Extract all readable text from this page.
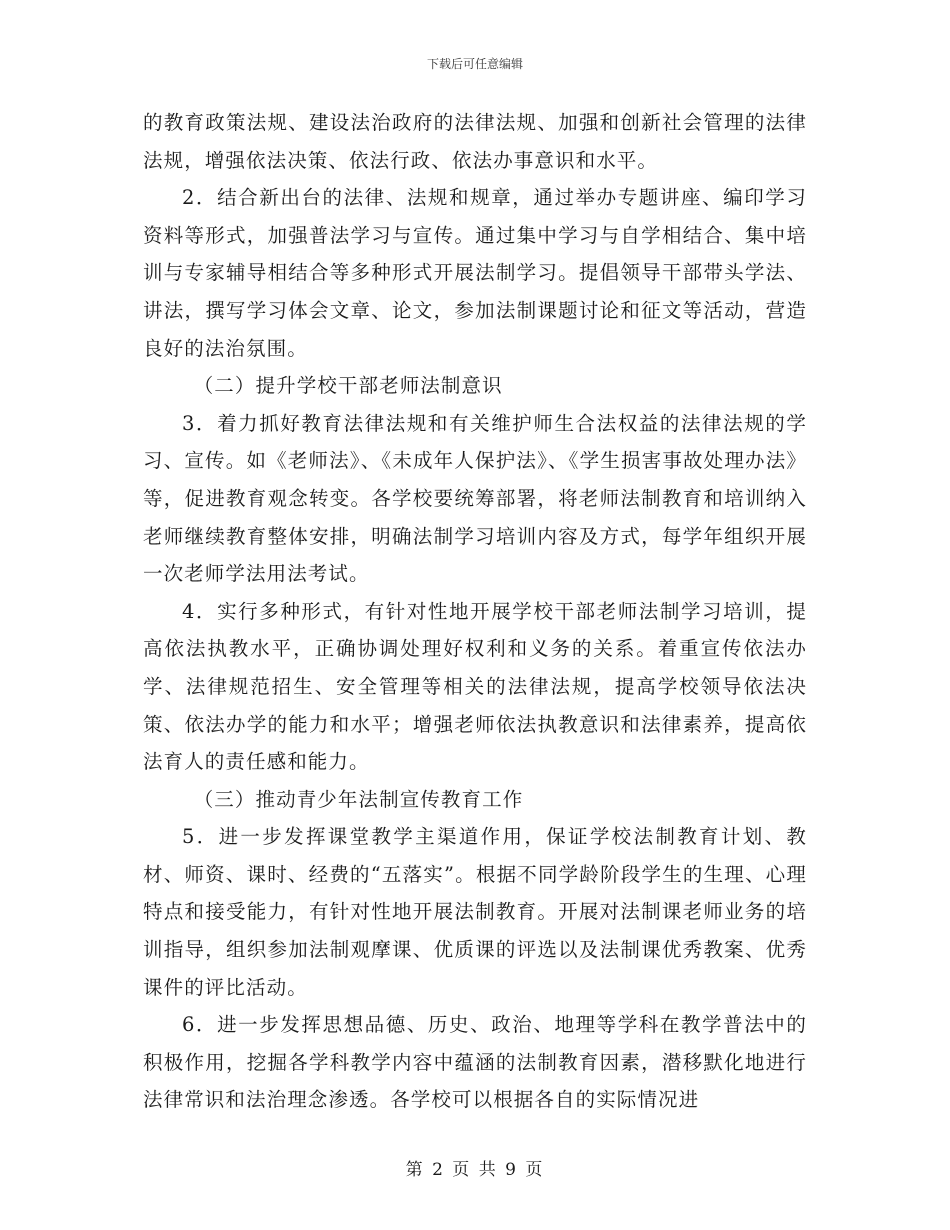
下载后可任意编辑

的教育政策法规、建设法治政府的法律法规、加强和创新社会管理的法律法规，增强依法决策、依法行政、依法办事意识和水平。

2．结合新出台的法律、法规和规章，通过举办专题讲座、编印学习资料等形式，加强普法学习与宣传。通过集中学习与自学相结合、集中培训与专家辅导相结合等多种形式开展法制学习。提倡领导干部带头学法、讲法，撰写学习体会文章、论文，参加法制课题讨论和征文等活动，营造良好的法治氛围。

（二）提升学校干部老师法制意识

3．着力抓好教育法律法规和有关维护师生合法权益的法律法规的学习、宣传。如《老师法》、《未成年人保护法》、《学生损害事故处理办法》等，促进教育观念转变。各学校要统筹部署，将老师法制教育和培训纳入老师继续教育整体安排，明确法制学习培训内容及方式，每学年组织开展一次老师学法用法考试。

4．实行多种形式，有针对性地开展学校干部老师法制学习培训，提高依法执教水平，正确协调处理好权利和义务的关系。着重宣传依法办学、法律规范招生、安全管理等相关的法律法规，提高学校领导依法决策、依法办学的能力和水平；增强老师依法执教意识和法律素养，提高依法育人的责任感和能力。

（三）推动青少年法制宣传教育工作

5．进一步发挥课堂教学主渠道作用，保证学校法制教育计划、教材、师资、课时、经费的“五落实”。根据不同学龄阶段学生的生理、心理特点和接受能力，有针对性地开展法制教育。开展对法制课老师业务的培训指导，组织参加法制观摩课、优质课的评选以及法制课优秀教案、优秀课件的评比活动。

6．进一步发挥思想品德、历史、政治、地理等学科在教学普法中的积极作用，挖掘各学科教学内容中蕴涵的法制教育因素，潜移默化地进行法律常识和法治理念渗透。各学校可以根据各自的实际情况进

第 2 页 共 9 页
